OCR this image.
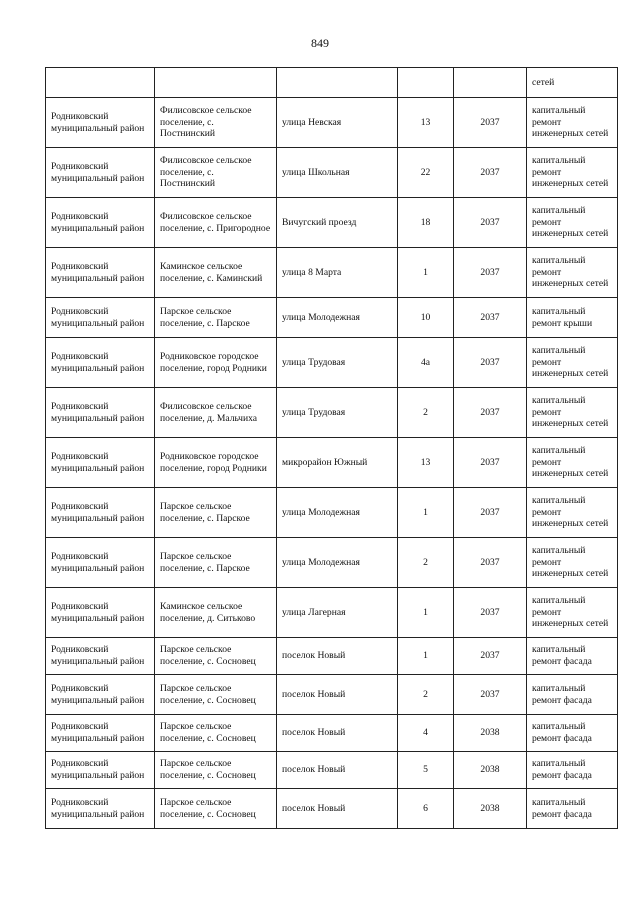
849
					сетей
Родниковский муниципальный район	Филисовское сельское поселение, с. Постнинский	улица Невская	13	2037	капитальный ремонт инженерных сетей
Родниковский муниципальный район	Филисовское сельское поселение, с. Постнинский	улица Школьная	22	2037	капитальный ремонт инженерных сетей
Родниковский муниципальный район	Филисовское сельское поселение, с. Пригородное	Вичугский проезд	18	2037	капитальный ремонт инженерных сетей
Родниковский муниципальный район	Каминское сельское поселение, с. Каминский	улица 8 Марта	1	2037	капитальный ремонт инженерных сетей
Родниковский муниципальный район	Парское сельское поселение, с. Парское	улица Молодежная	10	2037	капитальный ремонт крыши
Родниковский муниципальный район	Родниковское городское поселение, город Родники	улица Трудовая	4а	2037	капитальный ремонт инженерных сетей
Родниковский муниципальный район	Филисовское сельское поселение, д. Мальчиха	улица Трудовая	2	2037	капитальный ремонт инженерных сетей
Родниковский муниципальный район	Родниковское городское поселение, город Родники	микрорайон Южный	13	2037	капитальный ремонт инженерных сетей
Родниковский муниципальный район	Парское сельское поселение, с. Парское	улица Молодежная	1	2037	капитальный ремонт инженерных сетей
Родниковский муниципальный район	Парское сельское поселение, с. Парское	улица Молодежная	2	2037	капитальный ремонт инженерных сетей
Родниковский муниципальный район	Каминское сельское поселение, д. Ситьково	улица Лагерная	1	2037	капитальный ремонт инженерных сетей
Родниковский муниципальный район	Парское сельское поселение, с. Сосновец	поселок Новый	1	2037	капитальный ремонт фасада
Родниковский муниципальный район	Парское сельское поселение, с. Сосновец	поселок Новый	2	2037	капитальный ремонт фасада
Родниковский муниципальный район	Парское сельское поселение, с. Сосновец	поселок Новый	4	2038	капитальный ремонт фасада
Родниковский муниципальный район	Парское сельское поселение, с. Сосновец	поселок Новый	5	2038	капитальный ремонт фасада
Родниковский муниципальный район	Парское сельское поселение, с. Сосновец	поселок Новый	6	2038	капитальный ремонт фасада
